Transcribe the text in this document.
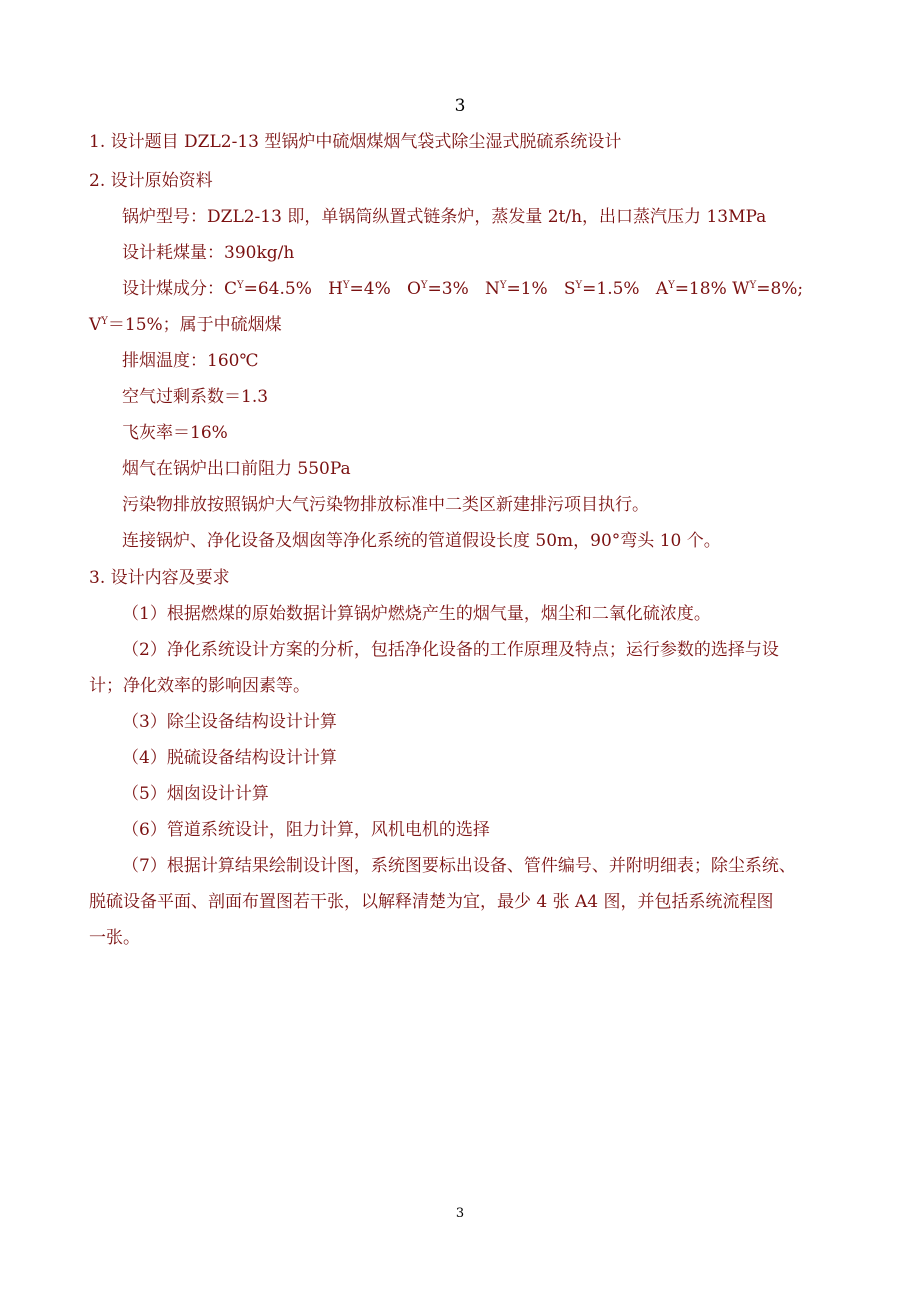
3
1. 设计题目 DZL2-13 型锅炉中硫烟煤烟气袋式除尘湿式脱硫系统设计
2. 设计原始资料
锅炉型号：DZL2-13 即，单锅筒纵置式链条炉，蒸发量 2t/h，出口蒸汽压力 13MPa
设计耗煤量：390kg/h
设计煤成分：$C^Y=64.5\%$   $H^Y=4\%$   $O^Y=3\%$   $N^Y=1\%$   $S^Y=1.5\%$   $A^Y=18\%$ $W^Y=8\%$;
$V^Y=15\%$；属于中硫烟煤
排烟温度：160℃
空气过剩系数＝1.3
飞灰率＝16%
烟气在锅炉出口前阻力 550Pa
污染物排放按照锅炉大气污染物排放标准中二类区新建排污项目执行。
连接锅炉、净化设备及烟囱等净化系统的管道假设长度 50m，90°弯头 10 个。
3. 设计内容及要求
（1）根据燃煤的原始数据计算锅炉燃烧产生的烟气量，烟尘和二氧化硫浓度。
（2）净化系统设计方案的分析，包括净化设备的工作原理及特点；运行参数的选择与设
计；净化效率的影响因素等。
（3）除尘设备结构设计计算
（4）脱硫设备结构设计计算
（5）烟囱设计计算
（6）管道系统设计，阻力计算，风机电机的选择
（7）根据计算结果绘制设计图，系统图要标出设备、管件编号、并附明细表；除尘系统、
脱硫设备平面、剖面布置图若干张，以解释清楚为宜，最少 4 张 A4 图，并包括系统流程图
一张。
3
